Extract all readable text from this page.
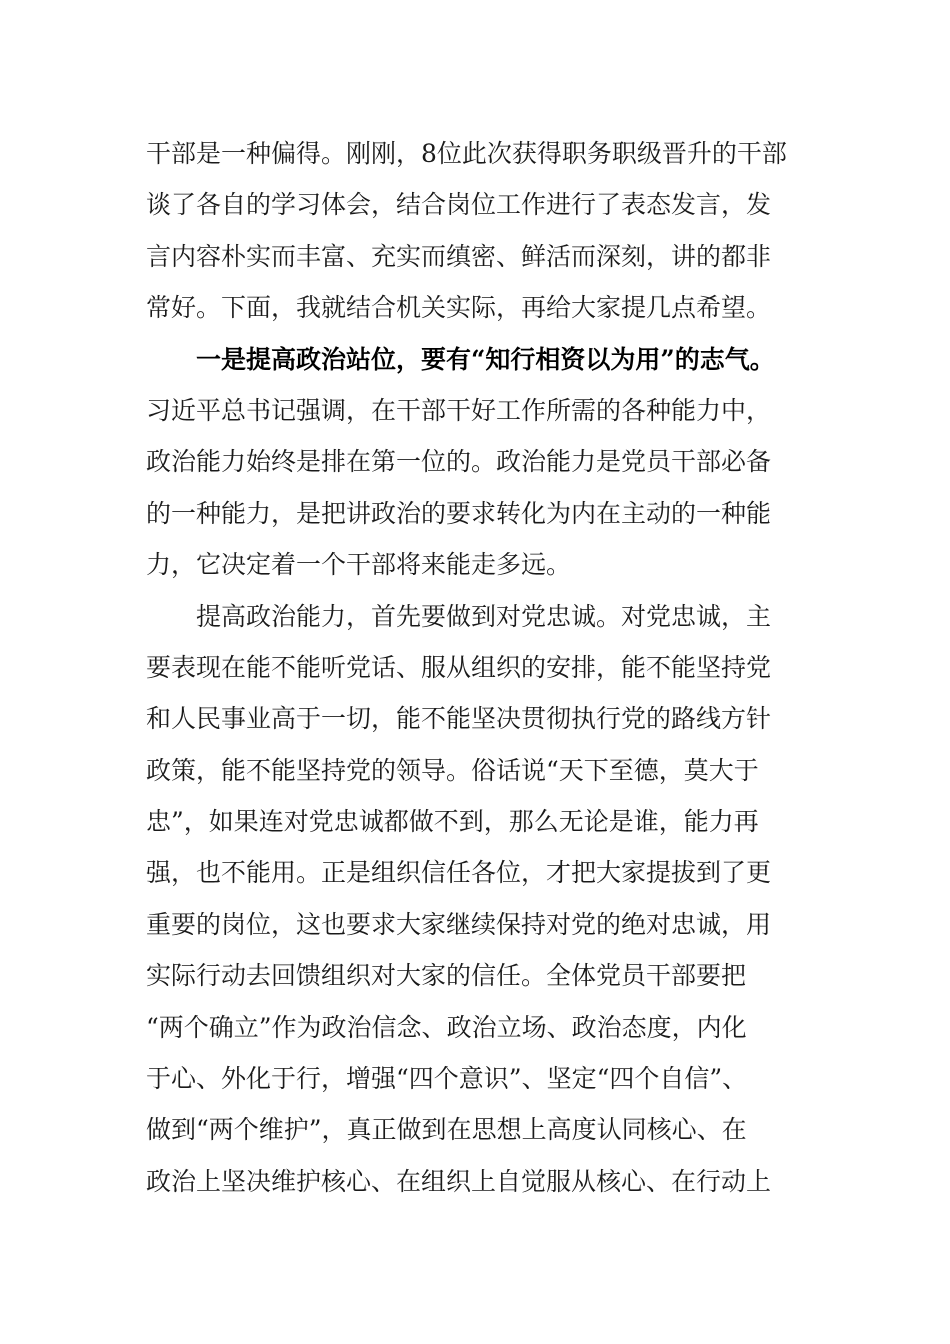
干部是一种偏得。刚刚，8位此次获得职务职级晋升的干部
谈了各自的学习体会，结合岗位工作进行了表态发言，发
言内容朴实而丰富、充实而缜密、鲜活而深刻，讲的都非
常好。下面，我就结合机关实际，再给大家提几点希望。
一是提高政治站位，要有“知行相资以为用”的志气。
习近平总书记强调，在干部干好工作所需的各种能力中，
政治能力始终是排在第一位的。政治能力是党员干部必备
的一种能力，是把讲政治的要求转化为内在主动的一种能
力，它决定着一个干部将来能走多远。
提高政治能力，首先要做到对党忠诚。对党忠诚，主
要表现在能不能听党话、服从组织的安排，能不能坚持党
和人民事业高于一切，能不能坚决贯彻执行党的路线方针
政策，能不能坚持党的领导。俗话说“天下至德，莫大于
忠”，如果连对党忠诚都做不到，那么无论是谁，能力再
强，也不能用。正是组织信任各位，才把大家提拔到了更
重要的岗位，这也要求大家继续保持对党的绝对忠诚，用
实际行动去回馈组织对大家的信任。全体党员干部要把
“两个确立”作为政治信念、政治立场、政治态度，内化
于心、外化于行，增强“四个意识”、坚定“四个自信”、
做到“两个维护”，真正做到在思想上高度认同核心、在
政治上坚决维护核心、在组织上自觉服从核心、在行动上
